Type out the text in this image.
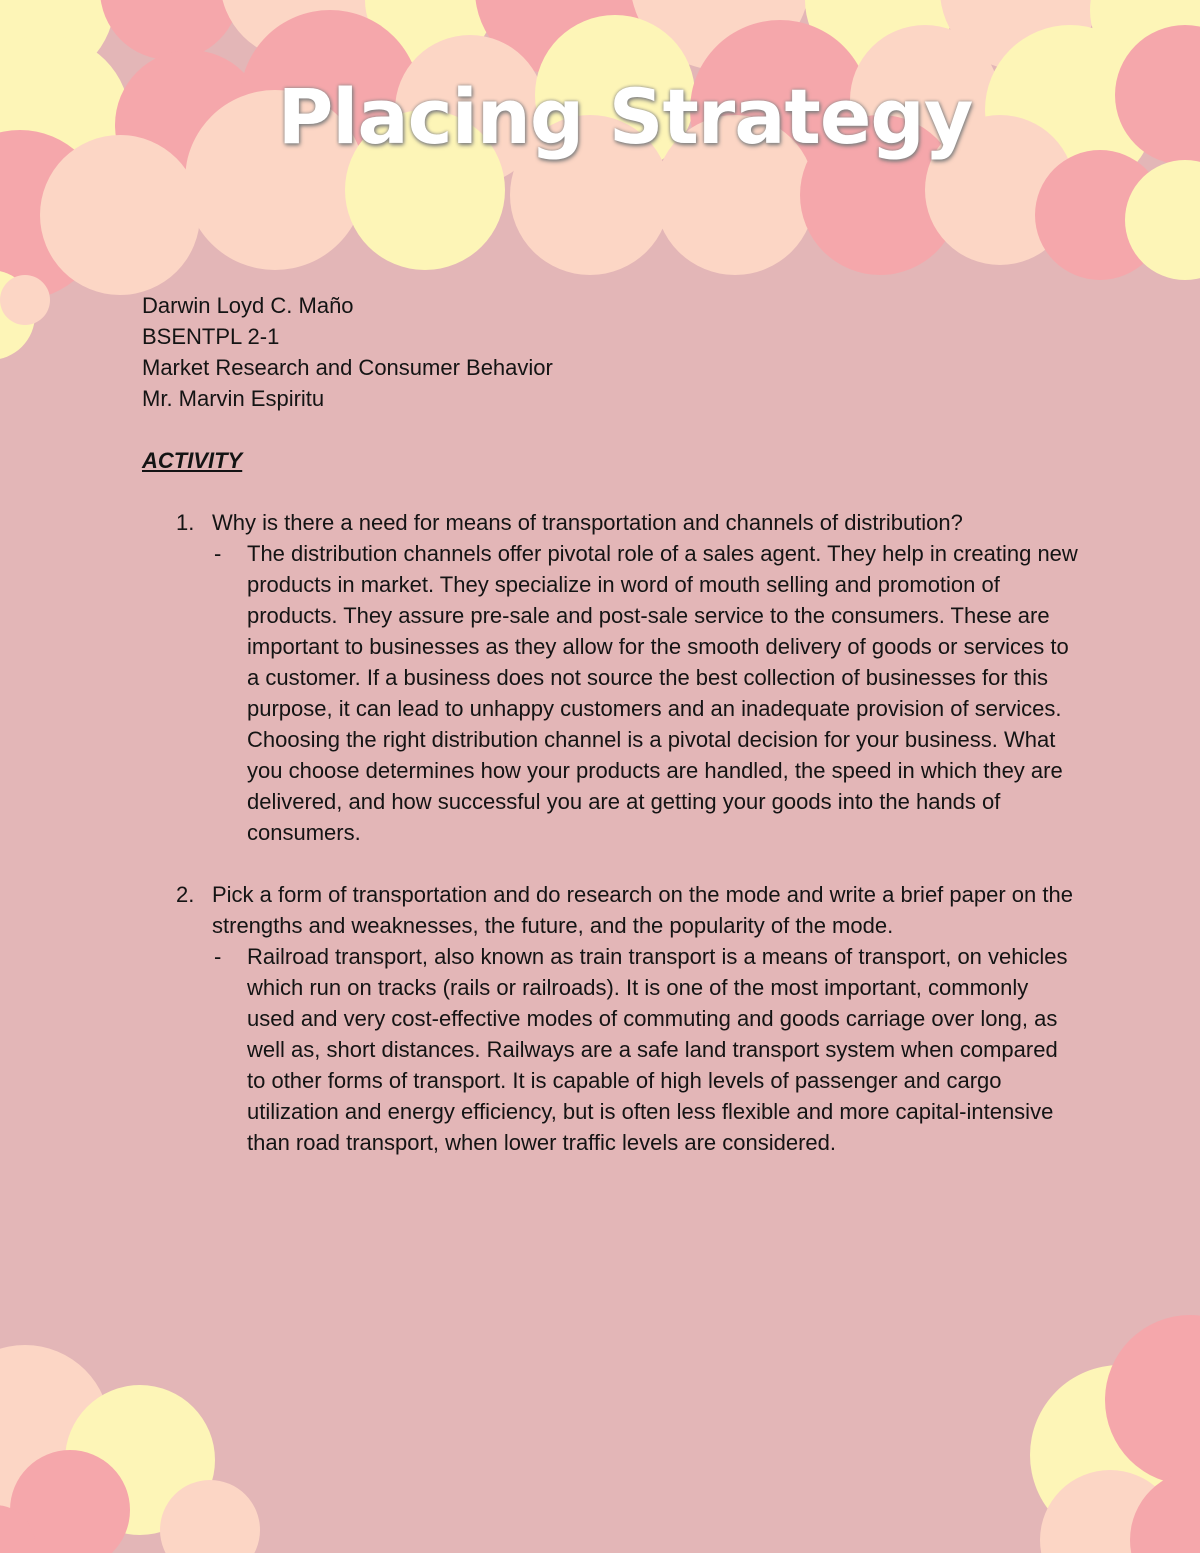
Placing Strategy

Darwin Loyd C. Maño

BSENTPL 2-1

Market Research and Consumer Behavior

Mr. Marvin Espiritu

ACTIVITY

1. Why is there a need for means of transportation and channels of distribution?

- The distribution channels offer pivotal role of a sales agent. They help in creating new products in market. They specialize in word of mouth selling and promotion of products. They assure pre-sale and post-sale service to the consumers. These are important to businesses as they allow for the smooth delivery of goods or services to a customer. If a business does not source the best collection of businesses for this purpose, it can lead to unhappy customers and an inadequate provision of services. Choosing the right distribution channel is a pivotal decision for your business. What you choose determines how your products are handled, the speed in which they are delivered, and how successful you are at getting your goods into the hands of consumers.

2. Pick a form of transportation and do research on the mode and write a brief paper on the strengths and weaknesses, the future, and the popularity of the mode.

- Railroad transport, also known as train transport is a means of transport, on vehicles which run on tracks (rails or railroads). It is one of the most important, commonly used and very cost-effective modes of commuting and goods carriage over long, as well as, short distances. Railways are a safe land transport system when compared to other forms of transport. It is capable of high levels of passenger and cargo utilization and energy efficiency, but is often less flexible and more capital-intensive than road transport, when lower traffic levels are considered.
